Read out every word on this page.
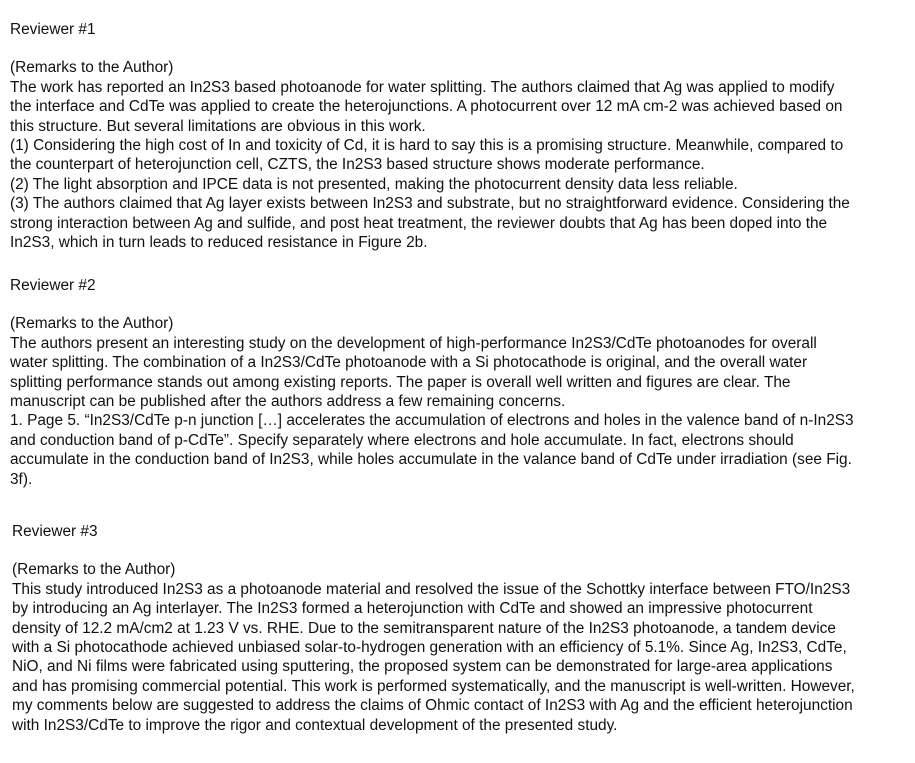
Reviewer #1
(Remarks to the Author)
The work has reported an In2S3 based photoanode for water splitting. The authors claimed that Ag was applied to modify
the interface and CdTe was applied to create the heterojunctions. A photocurrent over 12 mA cm-2 was achieved based on
this structure. But several limitations are obvious in this work.
(1) Considering the high cost of In and toxicity of Cd, it is hard to say this is a promising structure. Meanwhile, compared to
the counterpart of heterojunction cell, CZTS, the In2S3 based structure shows moderate performance.
(2) The light absorption and IPCE data is not presented, making the photocurrent density data less reliable.
(3) The authors claimed that Ag layer exists between In2S3 and substrate, but no straightforward evidence. Considering the
strong interaction between Ag and sulfide, and post heat treatment, the reviewer doubts that Ag has been doped into the
In2S3, which in turn leads to reduced resistance in Figure 2b.
Reviewer #2
(Remarks to the Author)
The authors present an interesting study on the development of high-performance In2S3/CdTe photoanodes for overall
water splitting. The combination of a In2S3/CdTe photoanode with a Si photocathode is original, and the overall water
splitting performance stands out among existing reports. The paper is overall well written and figures are clear. The
manuscript can be published after the authors address a few remaining concerns.
1. Page 5. “In2S3/CdTe p-n junction […] accelerates the accumulation of electrons and holes in the valence band of n-In2S3
and conduction band of p-CdTe”. Specify separately where electrons and hole accumulate. In fact, electrons should
accumulate in the conduction band of In2S3, while holes accumulate in the valance band of CdTe under irradiation (see Fig.
3f).
Reviewer #3
(Remarks to the Author)
This study introduced In2S3 as a photoanode material and resolved the issue of the Schottky interface between FTO/In2S3
by introducing an Ag interlayer. The In2S3 formed a heterojunction with CdTe and showed an impressive photocurrent
density of 12.2 mA/cm2 at 1.23 V vs. RHE. Due to the semitransparent nature of the In2S3 photoanode, a tandem device
with a Si photocathode achieved unbiased solar-to-hydrogen generation with an efficiency of 5.1%. Since Ag, In2S3, CdTe,
NiO, and Ni films were fabricated using sputtering, the proposed system can be demonstrated for large-area applications
and has promising commercial potential. This work is performed systematically, and the manuscript is well-written. However,
my comments below are suggested to address the claims of Ohmic contact of In2S3 with Ag and the efficient heterojunction
with In2S3/CdTe to improve the rigor and contextual development of the presented study.
